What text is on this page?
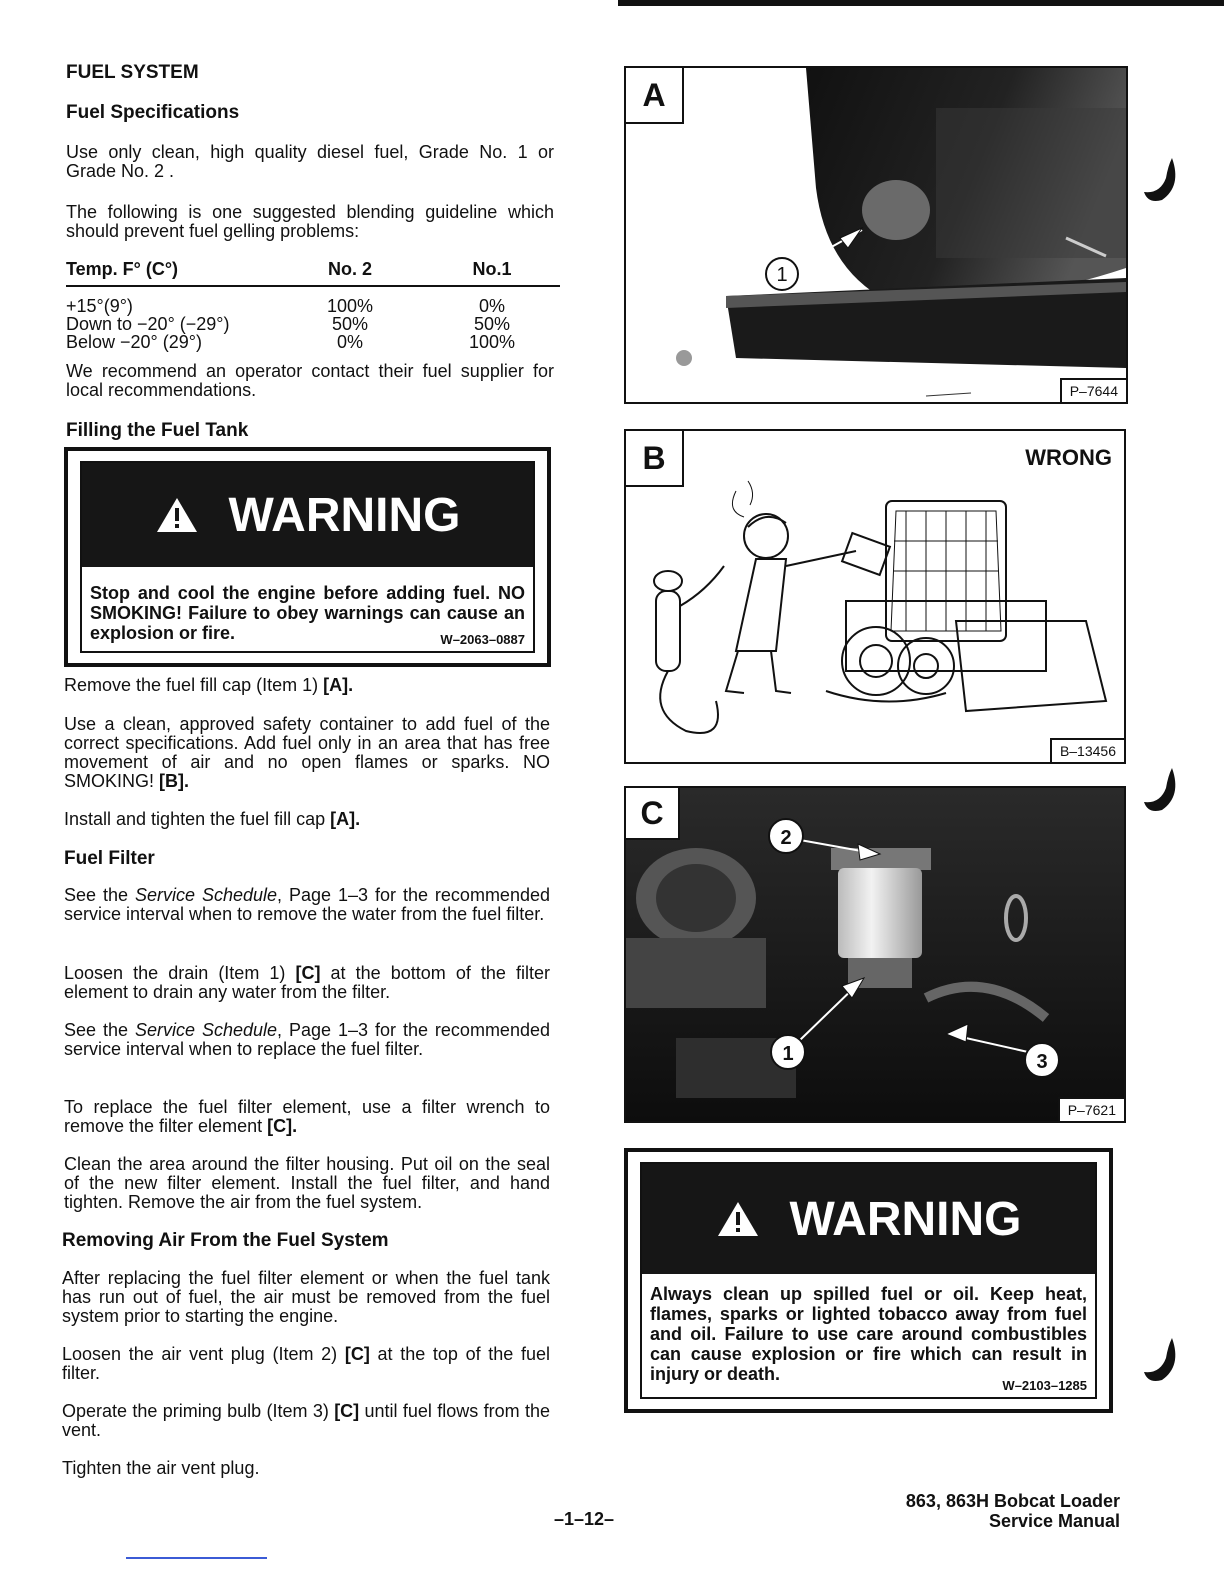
FUEL SYSTEM
Fuel Specifications

Use only clean, high quality diesel fuel, Grade No. 1 or Grade No. 2 .

The following is one suggested blending guideline which should prevent fuel gelling problems:

Temp. F° (C°)	No. 2	No.1
+15°(9°)	100%	0%
Down to −20° (−29°)	50%	50%
Below −20° (29°)	0%	100%

We recommend an operator contact their fuel supplier for local recommendations.

Filling the Fuel Tank
WARNING

Stop and cool the engine before adding fuel. NO SMOKING! Failure to obey warnings can cause an explosion or fire.	W–2063–0887

Remove the fuel fill cap (Item 1) [A].

Use a clean, approved safety container to add fuel of the correct specifications. Add fuel only in an area that has free movement of air and no open flames or sparks. NO SMOKING! [B].

Install and tighten the fuel fill cap [A].

Fuel Filter

See the Service Schedule, Page 1–3 for the recommended service interval when to remove the water from the fuel filter.

Loosen the drain (Item 1) [C] at the bottom of the filter element to drain any water from the filter.

See the Service Schedule, Page 1–3 for the recommended service interval when to replace the fuel filter.

To replace the fuel filter element, use a filter wrench to remove the filter element [C].

Clean the area around the filter housing. Put oil on the seal of the new filter element. Install the fuel filter, and hand tighten. Remove the air from the fuel system.

Removing Air From the Fuel System

After replacing the fuel filter element or when the fuel tank has run out of fuel, the air must be removed from the fuel system prior to starting the engine.

Loosen the air vent plug (Item 2) [C] at the top of the fuel filter.

Operate the priming bulb (Item 3) [C] until fuel flows from the vent.

Tighten the air vent plug.

A
1
P–7644
B	WRONG
B–13456
C
2
1	3
P–7621
WARNING

Always clean up spilled fuel or oil. Keep heat, flames, sparks or lighted tobacco away from fuel and oil. Failure to use care around combustibles can cause explosion or fire which can result in injury or death.

W–2103–1285
–1–12–
863, 863H Bobcat Loader
Service Manual
